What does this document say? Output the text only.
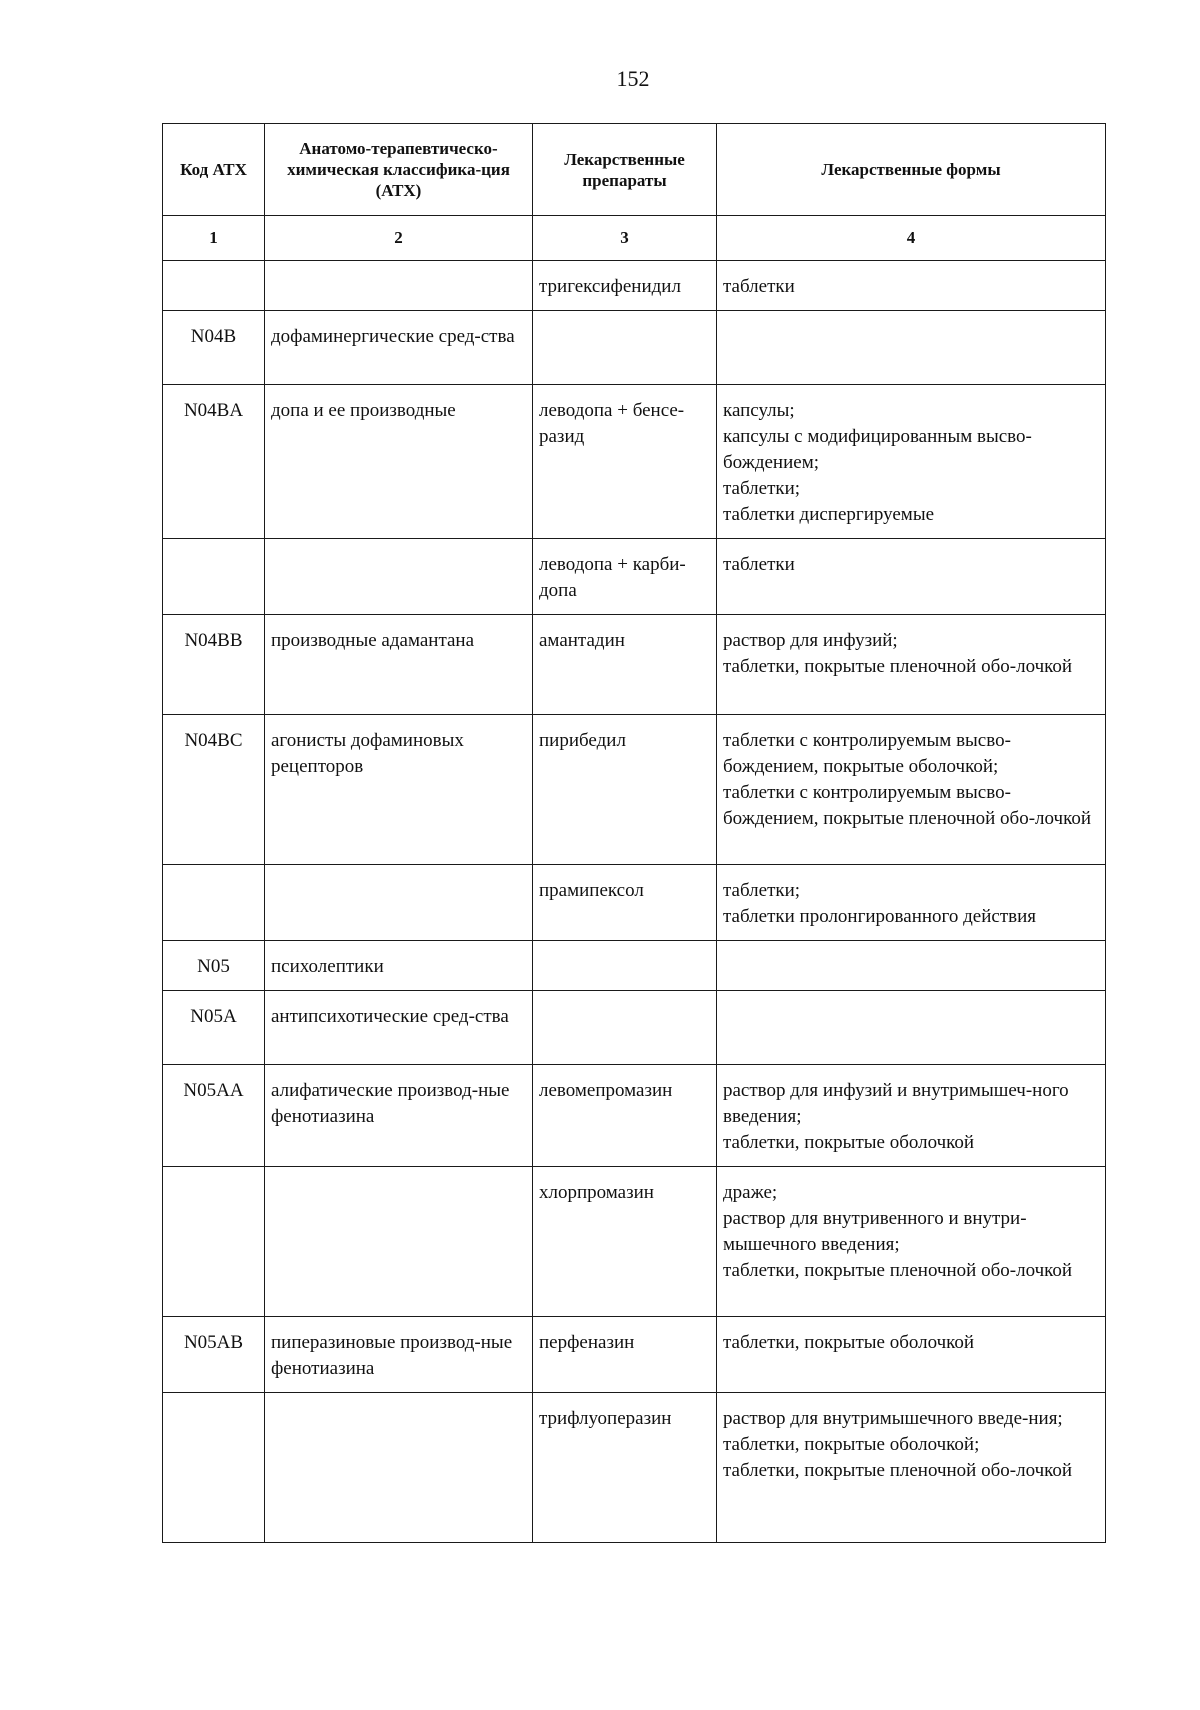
152
Код АТХ	Анатомо-терапевтическо-химическая классифика-ция (АТХ)	Лекарственные препараты	Лекарственные формы
1	2	3	4
		тригексифенидил	таблетки

N04B	дофаминергические сред-ства		
N04BA	допа и ее производные	леводопа + бенсе-разид	капсулы;
капсулы с модифицированным высво-бождением;
таблетки;
таблетки диспергируемые

		леводопа + карби-допа	таблетки

N04BB	производные адамантана	амантадин	раствор для инфузий;
таблетки, покрытые пленочной обо-лочкой

N04BC	агонисты дофаминовых рецепторов	пирибедил	таблетки с контролируемым высво-бождением, покрытые оболочкой;
таблетки с контролируемым высво-бождением, покрытые пленочной обо-лочкой

		прамипексол	таблетки;
таблетки пролонгированного действия

N05	психолептики		
N05A	антипсихотические сред-ства		
N05AA	алифатические производ-ные фенотиазина	левомепромазин	раствор для инфузий и внутримышеч-ного введения;
таблетки, покрытые оболочкой

		хлорпромазин	драже;
раствор для внутривенного и внутри-мышечного введения;
таблетки, покрытые пленочной обо-лочкой

N05AB	пиперазиновые производ-ные фенотиазина	перфеназин	таблетки, покрытые оболочкой

		трифлуоперазин	раствор для внутримышечного введе-ния;
таблетки, покрытые оболочкой;
таблетки, покрытые пленочной обо-лочкой
